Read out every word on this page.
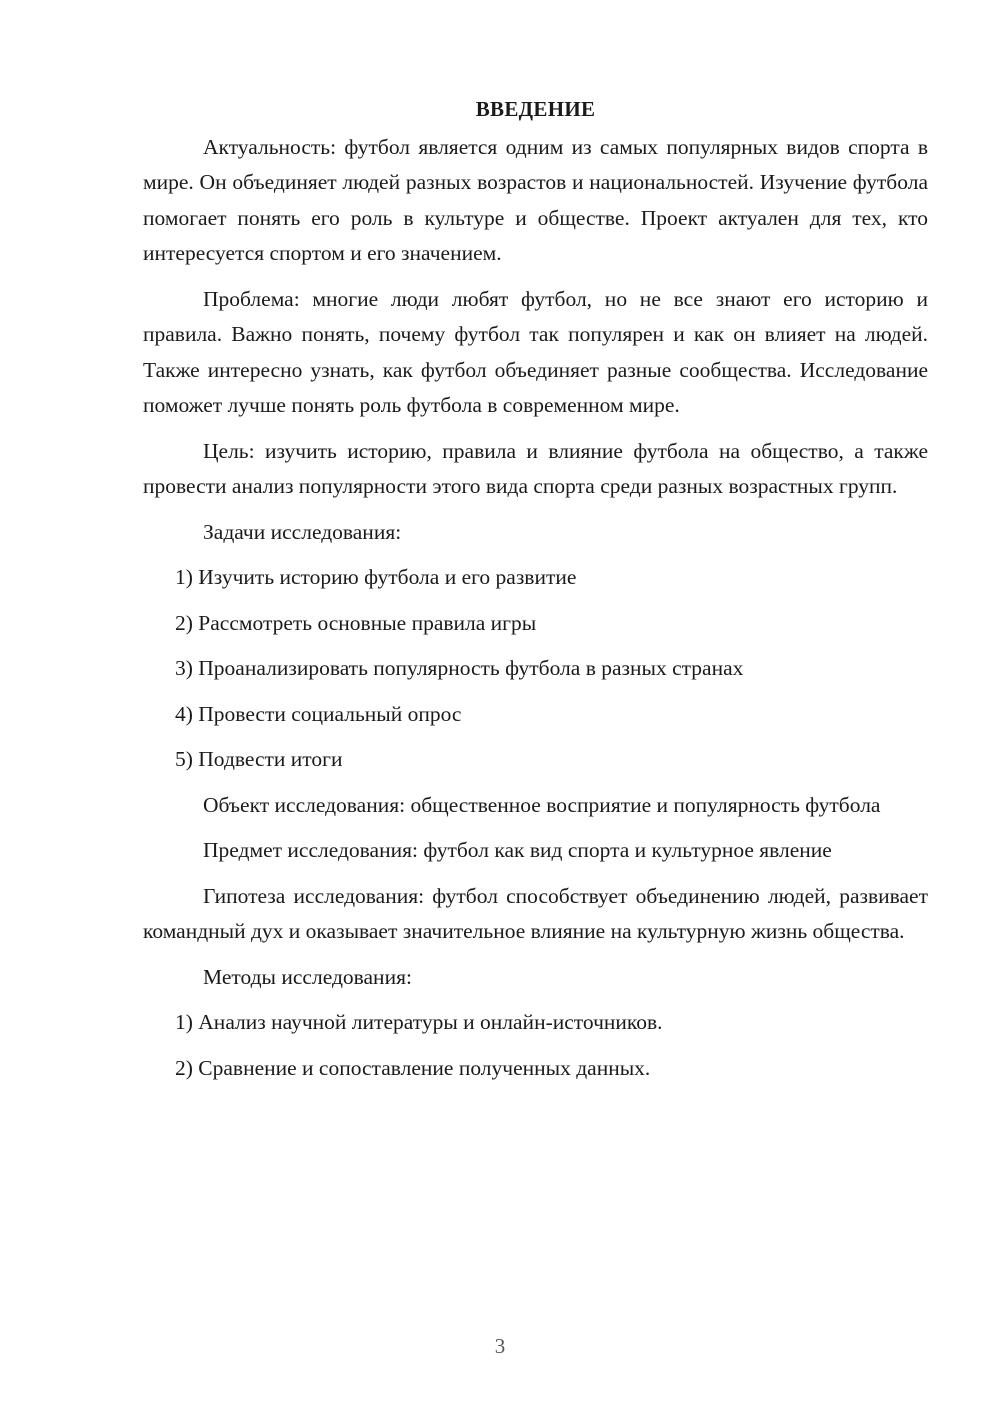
ВВЕДЕНИЕ

Актуальность: футбол является одним из самых популярных видов спорта в мире. Он объединяет людей разных возрастов и национальностей. Изучение футбола помогает понять его роль в культуре и обществе. Проект актуален для тех, кто интересуется спортом и его значением.

Проблема: многие люди любят футбол, но не все знают его историю и правила. Важно понять, почему футбол так популярен и как он влияет на людей. Также интересно узнать, как футбол объединяет разные сообщества. Исследование поможет лучше понять роль футбола в современном мире.

Цель: изучить историю, правила и влияние футбола на общество, а также провести анализ популярности этого вида спорта среди разных возрастных групп.

Задачи исследования:

1) Изучить историю футбола и его развитие

2) Рассмотреть основные правила игры

3) Проанализировать популярность футбола в разных странах

4) Провести социальный опрос

5) Подвести итоги

Объект исследования: общественное восприятие и популярность футбола

Предмет исследования: футбол как вид спорта и культурное явление

Гипотеза исследования: футбол способствует объединению людей, развивает командный дух и оказывает значительное влияние на культурную жизнь общества.

Методы исследования:

1) Анализ научной литературы и онлайн-источников.

2) Сравнение и сопоставление полученных данных.

3
